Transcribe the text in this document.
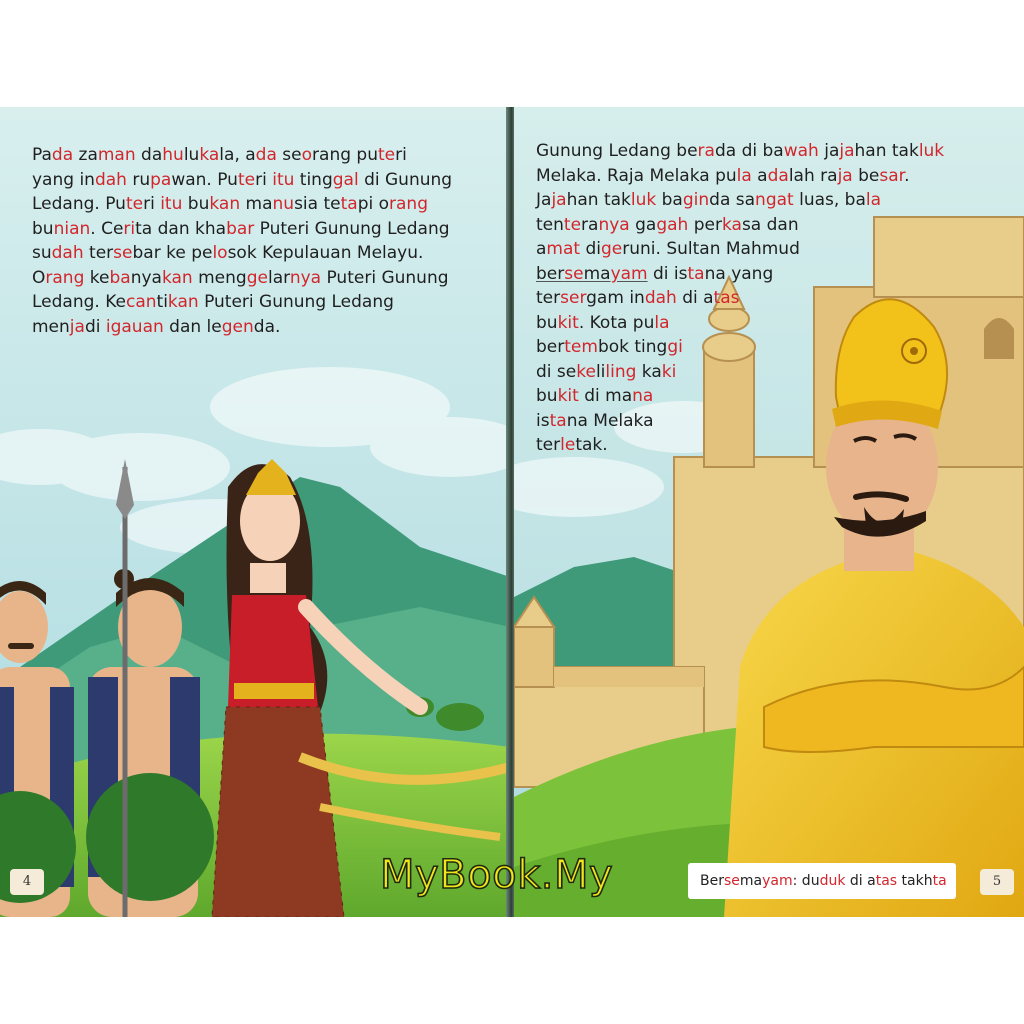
Pada zaman dahulukala, ada seorang puteri
yang indah rupawan. Puteri itu tinggal di Gunung
Ledang. Puteri itu bukan manusia tetapi orang
bunian. Cerita dan khabar Puteri Gunung Ledang
sudah tersebar ke pelosok Kepulauan Melayu.
Orang kebanyakan menggelarnya Puteri Gunung
Ledang. Kecantikan Puteri Gunung Ledang
menjadi igauan dan legenda.

4

Gunung Ledang berada di bawah jajahan takluk
Melaka. Raja Melaka pula adalah raja besar.
Jajahan takluk baginda sangat luas, bala
tenteranya gagah perkasa dan
amat digeruni. Sultan Mahmud
bersemayam di istana yang
tersergam indah di atas
bukit. Kota pula
bertembok tinggi
di sekeliling kaki
bukit di mana
istana Melaka
terletak.

Bersemayam: duduk di atas takhta	5
MyBook.My
